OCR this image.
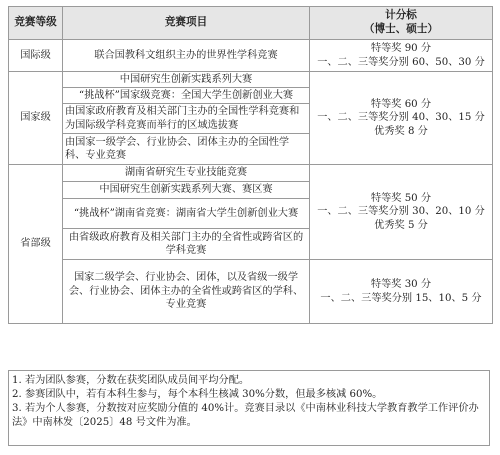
竞赛等级	竞赛项目	计分标
（博士、硕士）

国际级	联合国教科文组织主办的世界性学科竞赛	特等奖 90 分
一、二、三等奖分别 60、50、30 分

国家级	中国研究生创新实践系列大赛	特等奖 60 分
一、二、三等奖分别 40、30、15 分
优秀奖 8 分

	“挑战杯”国家级竞赛：全国大学生创新创业大赛	
	由国家政府教育及相关部门主办的全国性学科竞赛和为国际级学科竞赛而举行的区域选拔赛	
	由国家一级学会、行业协会、团体主办的全国性学科、专业竞赛	
省部级	湖南省研究生专业技能竞赛	特等奖 50 分
一、二、三等奖分别 30、20、10 分
优秀奖 5 分

	中国研究生创新实践系列大赛、赛区赛	
	“挑战杯”湖南省竞赛：湖南省大学生创新创业大赛	
	由省级政府教育及相关部门主办的全省性或跨省区的学科竞赛	
	国家二级学会、行业协会、团体，以及省级一级学会、行业协会、团体主办的全省性或跨省区的学科、专业竞赛	特等奖 30 分
一、二、三等奖分别 15、10、5 分

1. 若为团队参赛，分数在获奖团队成员间平均分配。

2. 参赛团队中，若有本科生参与，每个本科生核减 30%分数，但最多核减 60%。

3. 若为个人参赛，分数按对应奖励分值的 40%计。竞赛目录以《中南林业科技大学教育教学工作评价办法》中南林发〔2025〕48 号文件为准。
